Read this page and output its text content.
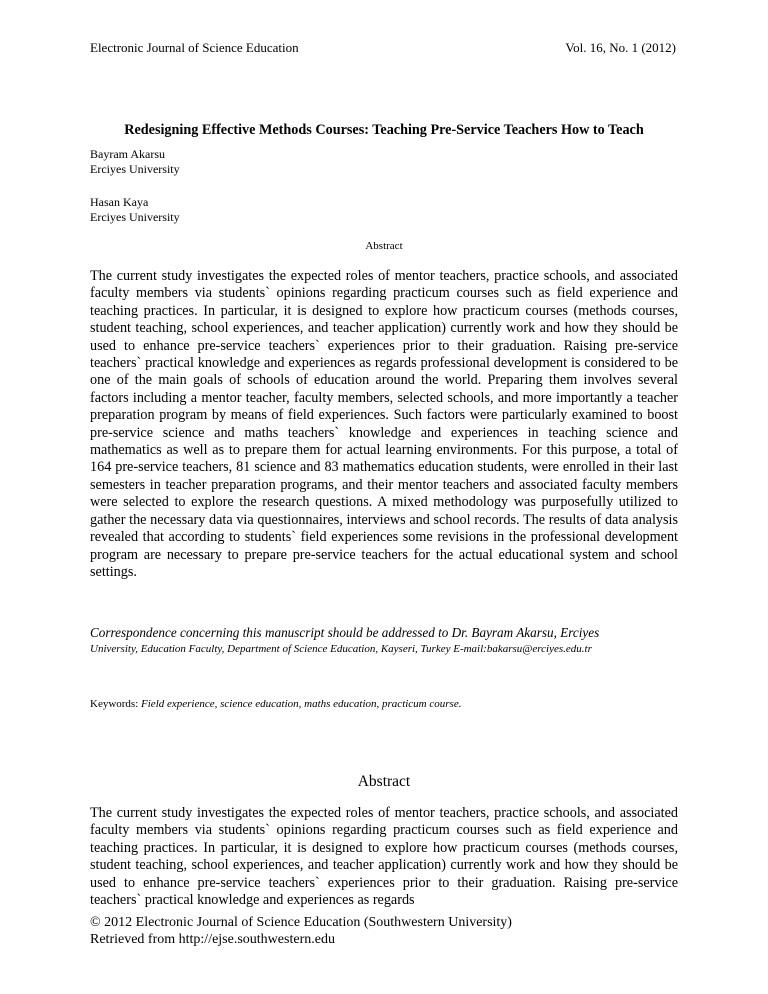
Electronic Journal of Science Education	Vol. 16, No. 1 (2012)
Redesigning Effective Methods Courses: Teaching Pre-Service Teachers How to Teach
Bayram Akarsu
Erciyes University
Hasan Kaya
Erciyes University
Abstract
The current study investigates the expected roles of mentor teachers, practice schools, and associated faculty members via students` opinions regarding practicum courses such as field experience and teaching practices. In particular, it is designed to explore how practicum courses (methods courses, student teaching, school experiences, and teacher application) currently work and how they should be used to enhance pre-service teachers` experiences prior to their graduation. Raising pre-service teachers` practical knowledge and experiences as regards professional development is considered to be one of the main goals of schools of education around the world. Preparing them involves several factors including a mentor teacher, faculty members, selected schools, and more importantly a teacher preparation program by means of field experiences. Such factors were particularly examined to boost pre-service science and maths teachers` knowledge and experiences in teaching science and mathematics as well as to prepare them for actual learning environments. For this purpose, a total of 164 pre-service teachers, 81 science and 83 mathematics education students, were enrolled in their last semesters in teacher preparation programs, and their mentor teachers and associated faculty members were selected to explore the research questions. A mixed methodology was purposefully utilized to gather the necessary data via questionnaires, interviews and school records. The results of data analysis revealed that according to students` field experiences some revisions in the professional development program are necessary to prepare pre-service teachers for the actual educational system and school settings.
Correspondence concerning this manuscript should be addressed to Dr. Bayram Akarsu, Erciyes
University, Education Faculty, Department of Science Education, Kayseri, Turkey E-mail:bakarsu@erciyes.edu.tr
Keywords: Field experience, science education, maths education, practicum course.
Abstract
The current study investigates the expected roles of mentor teachers, practice schools, and associated faculty members via students` opinions regarding practicum courses such as field experience and teaching practices. In particular, it is designed to explore how practicum courses (methods courses, student teaching, school experiences, and teacher application) currently work and how they should be used to enhance pre-service teachers` experiences prior to their graduation. Raising pre-service teachers` practical knowledge and experiences as regards
© 2012 Electronic Journal of Science Education (Southwestern University)
Retrieved from http://ejse.southwestern.edu
